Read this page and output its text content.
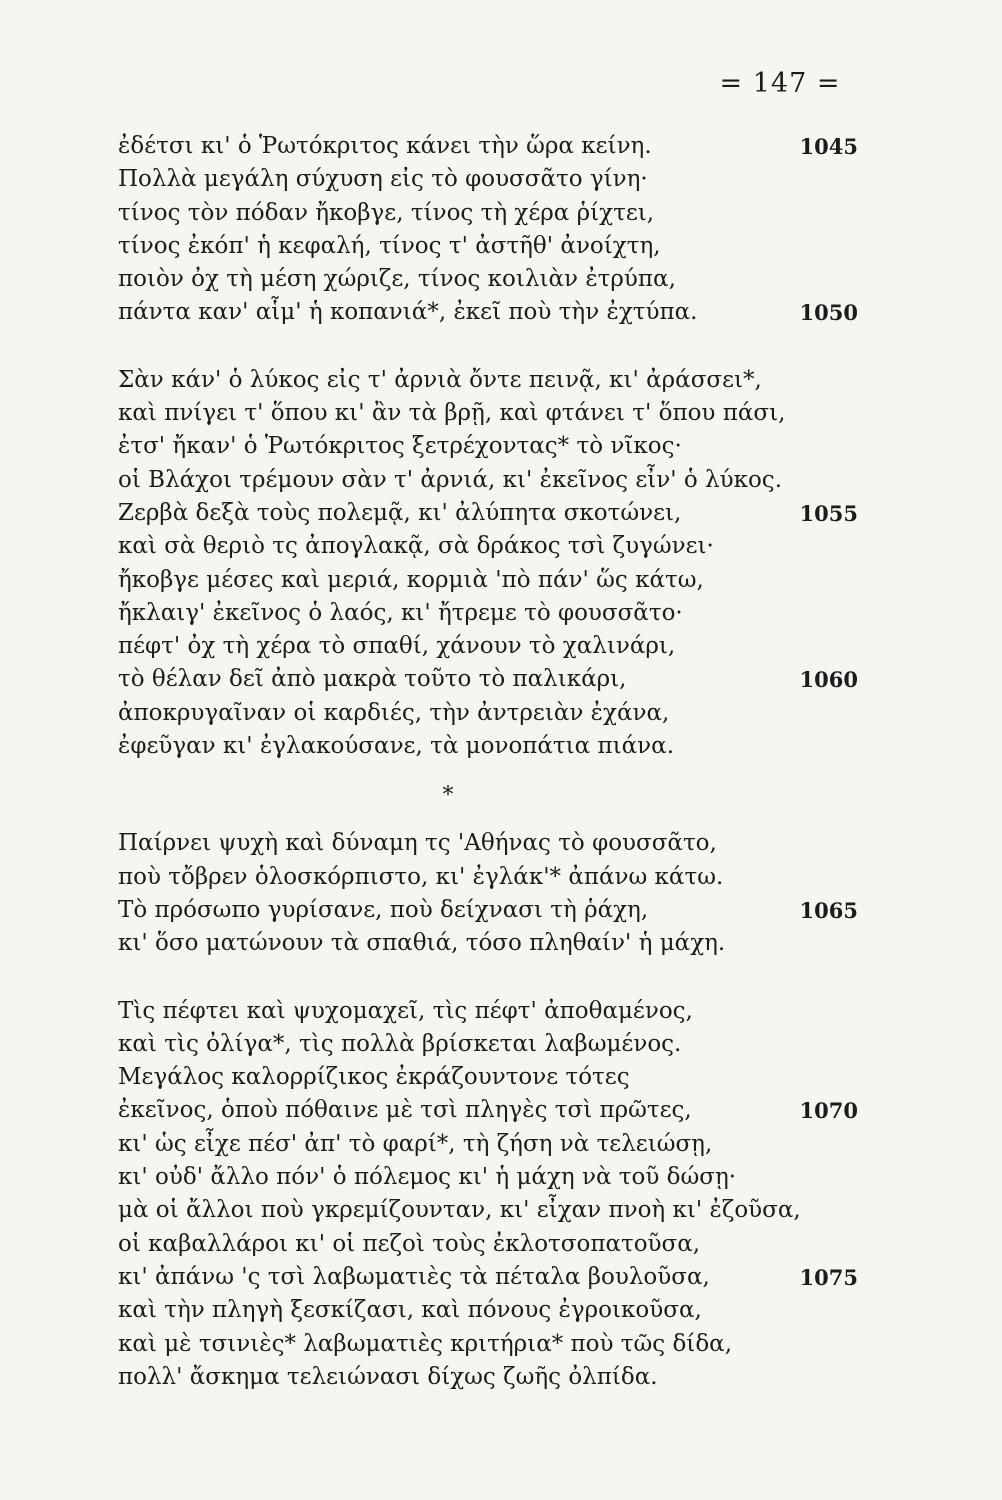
= 147 =
ἐδέτσι κι' ὁ Ῥωτόκριτος κάνει τὴν ὥρα κείνη.	1045
Πολλὰ μεγάλη σύχυση εἰς τὸ φουσσᾶτο γίνη·
τίνος τὸν πόδαν ἤκοβγε, τίνος τὴ χέρα ῥίχτει,
τίνος ἐκόπ' ἡ κεφαλή, τίνος τ' ἀστῆθ' ἀνοίχτη,
ποιὸν ὀχ τὴ μέση χώριζε, τίνος κοιλιὰν ἐτρύπα,
πάντα καν' αἷμ' ἡ κοπανιά*, ἐκεῖ ποὺ τὴν ἐχτύπα.	1050
Σὰν κάν' ὁ λύκος εἰς τ' ἀρνιὰ ὄντε πεινᾷ, κι' ἀράσσει*,
καὶ πνίγει τ' ὅπου κι' ἂν τὰ βρῇ, καὶ φτάνει τ' ὅπου πάσι,
ἐτσ' ἤκαν' ὁ Ῥωτόκριτος ξετρέχοντας* τὸ νῖκος·
οἱ Βλάχοι τρέμουν σὰν τ' ἀρνιά, κι' ἐκεῖνος εἶν' ὁ λύκος.
Ζερβὰ δεξὰ τοὺς πολεμᾷ, κι' ἀλύπητα σκοτώνει,	1055
καὶ σὰ θεριὸ τς ἀπογλακᾷ, σὰ δράκος τσὶ ζυγώνει·
ἤκοβγε μέσες καὶ μεριά, κορμιὰ 'πὸ πάν' ὥς κάτω,
ἤκλαιγ' ἐκεῖνος ὁ λαός, κι' ἤτρεμε τὸ φουσσᾶτο·
πέφτ' ὀχ τὴ χέρα τὸ σπαθί, χάνουν τὸ χαλινάρι,
τὸ θέλαν δεῖ ἀπὸ μακρὰ τοῦτο τὸ παλικάρι,	1060
ἀποκρυγαῖναν οἱ καρδιές, τὴν ἀντρειὰν ἐχάνα,
ἐφεῦγαν κι' ἐγλακούσανε, τὰ μονοπάτια πιάνα.
*
Παίρνει ψυχὴ καὶ δύναμη τς 'Αθήνας τὸ φουσσᾶτο,
ποὺ τὄβρεν ὁλοσκόρπιστο, κι' ἐγλάκ'* ἀπάνω κάτω.
Τὸ πρόσωπο γυρίσανε, ποὺ δείχνασι τὴ ῥάχη,	1065
κι' ὅσο ματώνουν τὰ σπαθιά, τόσο πληθαίν' ἡ μάχη.
Τὶς πέφτει καὶ ψυχομαχεῖ, τὶς πέφτ' ἀποθαμένος,
καὶ τὶς ὀλίγα*, τὶς πολλὰ βρίσκεται λαβωμένος.
Μεγάλος καλορρίζικος ἐκράζουντονε τότες
ἐκεῖνος, ὁποὺ πόθαινε μὲ τσὶ πληγὲς τσὶ πρῶτες,	1070
κι' ὡς εἶχε πέσ' ἀπ' τὸ φαρί*, τὴ ζήση νὰ τελειώσῃ,
κι' οὐδ' ἄλλο πόν' ὁ πόλεμος κι' ἡ μάχη νὰ τοῦ δώσῃ·
μὰ οἱ ἄλλοι ποὺ γκρεμίζουνταν, κι' εἶχαν πνοὴ κι' ἐζοῦσα,
οἱ καβαλλάροι κι' οἱ πεζοὶ τοὺς ἐκλοτσοπατοῦσα,
κι' ἀπάνω 'ς τσὶ λαβωματιὲς τὰ πέταλα βουλοῦσα,	1075
καὶ τὴν πληγὴ ξεσκίζασι, καὶ πόνους ἐγροικοῦσα,
καὶ μὲ τσινιὲς* λαβωματιὲς κριτήρια* ποὺ τῶς δίδα,
πολλ' ἄσκημα τελειώνασι δίχως ζωῆς ὀλπίδα.
